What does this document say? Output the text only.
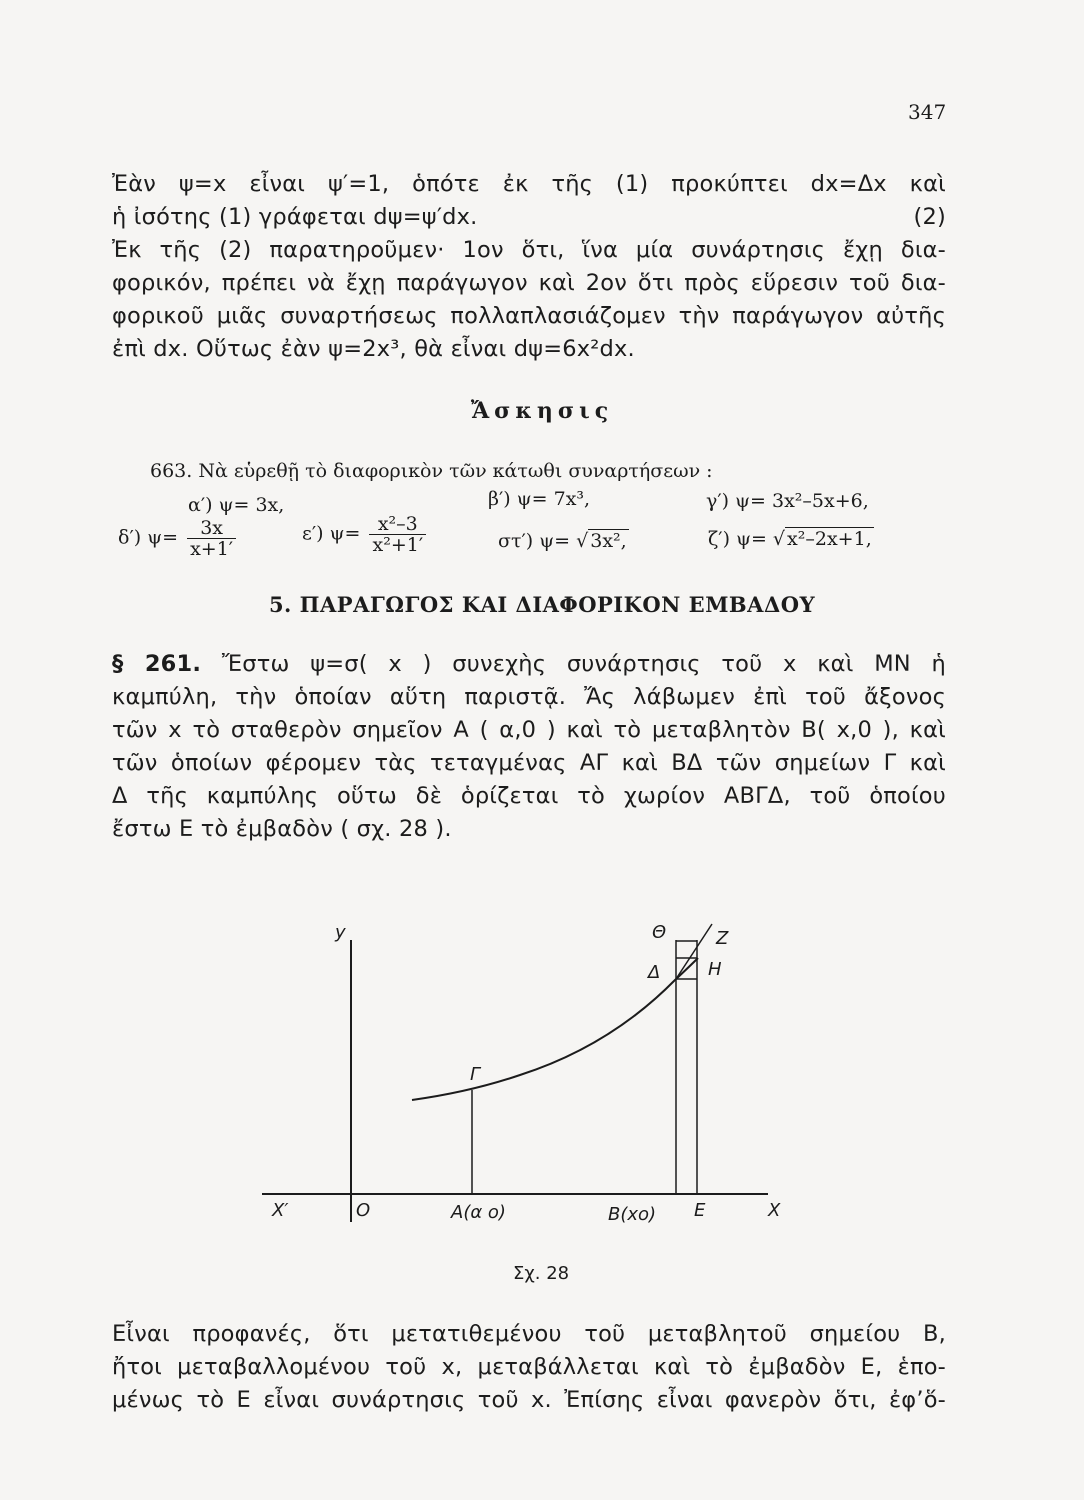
347
Ἐὰν ψ=x εἶναι ψ′=1, ὁπότε ἐκ τῆς (1) προκύπτει dx=Δx καὶ
ἡ ἰσότης (1) γράφεται dψ=ψ′dx.	(2)
Ἐκ τῆς (2) παρατηροῦμεν· 1ον ὅτι, ἵνα μία συνάρτησις ἔχῃ δια-
φορικόν, πρέπει νὰ ἔχῃ παράγωγον καὶ 2ον ὅτι πρὸς εὕρεσιν τοῦ δια-
φορικοῦ μιᾶς συναρτήσεως πολλαπλασιάζομεν τὴν παράγωγον αὐτῆς
ἐπὶ dx. Οὕτως ἐὰν ψ=2x³, θὰ εἶναι dψ=6x²dx.
Ἄσκησις
663. Νὰ εὑρεθῇ τὸ διαφορικὸν τῶν κάτωθι συναρτήσεων :
α′) ψ= 3x,	β′) ψ= 7x³,	γ′) ψ= 3x²–5x+6,
δ′) $\psi= \frac{3x}{x+1'}$	ε′) $\psi= \frac{\text{x²–3}}{\text{x²+1′}}$	στ′) ψ= √ 3x²,	ζ′) ψ= √ x²–2x+1,
5. ΠΑΡΑΓΩΓΟΣ ΚΑΙ ΔΙΑΦΟΡΙΚΟΝ ΕΜΒΑΔΟΥ
§ 261. Ἔστω ψ=σ( x ) συνεχὴς συνάρτησις τοῦ x καὶ ΜΝ ἡ
καμπύλη, τὴν ὁποίαν αὕτη παριστᾷ. Ἄς λάβωμεν ἐπὶ τοῦ ἄξονος
τῶν x τὸ σταθερὸν σημεῖον Α ( α,0 ) καὶ τὸ μεταβλητὸν Β( x,0 ), καὶ
τῶν ὁποίων φέρομεν τὰς τεταγμένας ΑΓ καὶ ΒΔ τῶν σημείων Γ καὶ
Δ τῆς καμπύλης οὕτω δὲ ὁρίζεται τὸ χωρίον ΑΒΓΔ, τοῦ ὁποίου
ἔστω Ε τὸ ἐμβαδὸν ( σχ. 28 ).
y	Θ	Z
Δ	H
Γ
X′	O	A(α o)	B(xo) E	X
Σχ. 28
Εἶναι προφανές, ὅτι μετατιθεμένου τοῦ μεταβλητοῦ σημείου Β,
ἤτοι μεταβαλλομένου τοῦ x, μεταβάλλεται καὶ τὸ ἐμβαδὸν Ε, ἑπο-
μένως τὸ Ε εἶναι συνάρτησις τοῦ x. Ἐπίσης εἶναι φανερὸν ὅτι, ἐφ’ὅ-
